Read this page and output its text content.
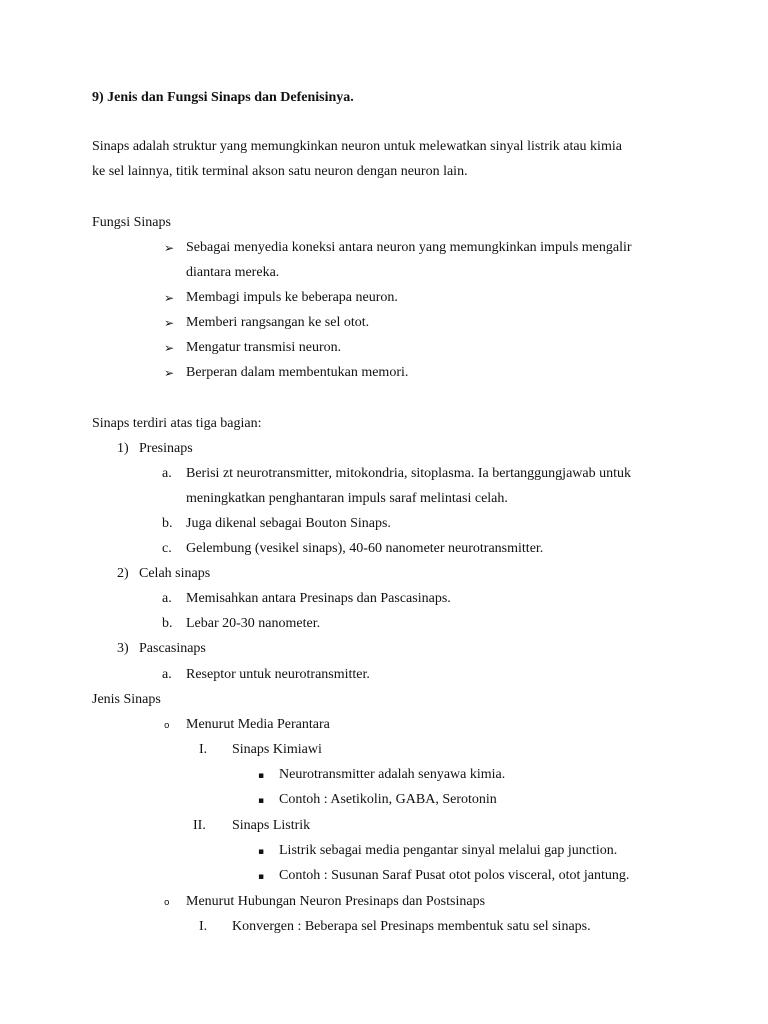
9) Jenis dan Fungsi Sinaps dan Defenisinya.
Sinaps adalah struktur yang memungkinkan neuron untuk melewatkan sinyal listrik atau kimia
ke sel lainnya, titik terminal akson satu neuron dengan neuron lain.
Fungsi Sinaps
➢ Sebagai menyedia koneksi antara neuron yang memungkinkan impuls mengalir
diantara mereka.
➢ Membagi impuls ke beberapa neuron.
➢ Memberi rangsangan ke sel otot.
➢ Mengatur transmisi neuron.
➢ Berperan dalam membentukan memori.
Sinaps terdiri atas tiga bagian:
1) Presinaps
a. Berisi zt neurotransmitter, mitokondria, sitoplasma. Ia bertanggungjawab untuk
meningkatkan penghantaran impuls saraf melintasi celah.
b. Juga dikenal sebagai Bouton Sinaps.
c. Gelembung (vesikel sinaps), 40-60 nanometer neurotransmitter.
2) Celah sinaps
a. Memisahkan antara Presinaps dan Pascasinaps.
b. Lebar 20-30 nanometer.
3) Pascasinaps
a. Reseptor untuk neurotransmitter.
Jenis Sinaps
o Menurut Media Perantara
I. Sinaps Kimiawi
▪ Neurotransmitter adalah senyawa kimia.
▪ Contoh : Asetikolin, GABA, Serotonin
II. Sinaps Listrik
▪ Listrik sebagai media pengantar sinyal melalui gap junction.
▪ Contoh : Susunan Saraf Pusat otot polos visceral, otot jantung.
o Menurut Hubungan Neuron Presinaps dan Postsinaps
I. Konvergen : Beberapa sel Presinaps membentuk satu sel sinaps.
